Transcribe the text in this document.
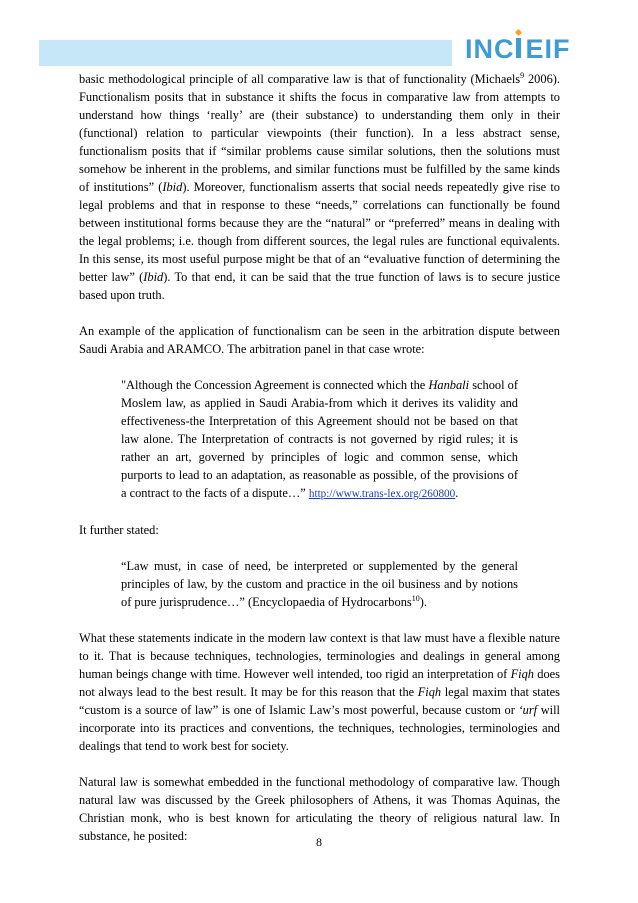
INC EIF

basic methodological principle of all comparative law is that of functionality (Michaels$^9$ 2006). Functionalism posits that in substance it shifts the focus in comparative law from attempts to understand how things ‘really’ are (their substance) to understanding them only in their (functional) relation to particular viewpoints (their function). In a less abstract sense, functionalism posits that if “similar problems cause similar solutions, then the solutions must somehow be inherent in the problems, and similar functions must be fulfilled by the same kinds of institutions” (Ibid). Moreover, functionalism asserts that social needs repeatedly give rise to legal problems and that in response to these “needs,” correlations can functionally be found between institutional forms because they are the “natural” or “preferred” means in dealing with the legal problems; i.e. though from different sources, the legal rules are functional equivalents. In this sense, its most useful purpose might be that of an “evaluative function of determining the better law” (Ibid). To that end, it can be said that the true function of laws is to secure justice based upon truth.

An example of the application of functionalism can be seen in the arbitration dispute between Saudi Arabia and ARAMCO. The arbitration panel in that case wrote:

"Although the Concession Agreement is connected which the Hanbali school of Moslem law, as applied in Saudi Arabia-from which it derives its validity and effectiveness-the Interpretation of this Agreement should not be based on that law alone. The Interpretation of contracts is not governed by rigid rules; it is rather an art, governed by principles of logic and common sense, which purports to lead to an adaptation, as reasonable as possible, of the provisions of a contract to the facts of a dispute…” http://www.trans-lex.org/260800.

It further stated:

“Law must, in case of need, be interpreted or supplemented by the general principles of law, by the custom and practice in the oil business and by notions of pure jurisprudence…” (Encyclopaedia of Hydrocarbons$^{10}$).

What these statements indicate in the modern law context is that law must have a flexible nature to it. That is because techniques, technologies, terminologies and dealings in general among human beings change with time. However well intended, too rigid an interpretation of Fiqh does not always lead to the best result. It may be for this reason that the Fiqh legal maxim that states “custom is a source of law” is one of Islamic Law’s most powerful, because custom or ‘urf will incorporate into its practices and conventions, the techniques, technologies, terminologies and dealings that tend to work best for society.

Natural law is somewhat embedded in the functional methodology of comparative law. Though natural law was discussed by the Greek philosophers of Athens, it was Thomas Aquinas, the Christian monk, who is best known for articulating the theory of religious natural law. In substance, he posited:	8
